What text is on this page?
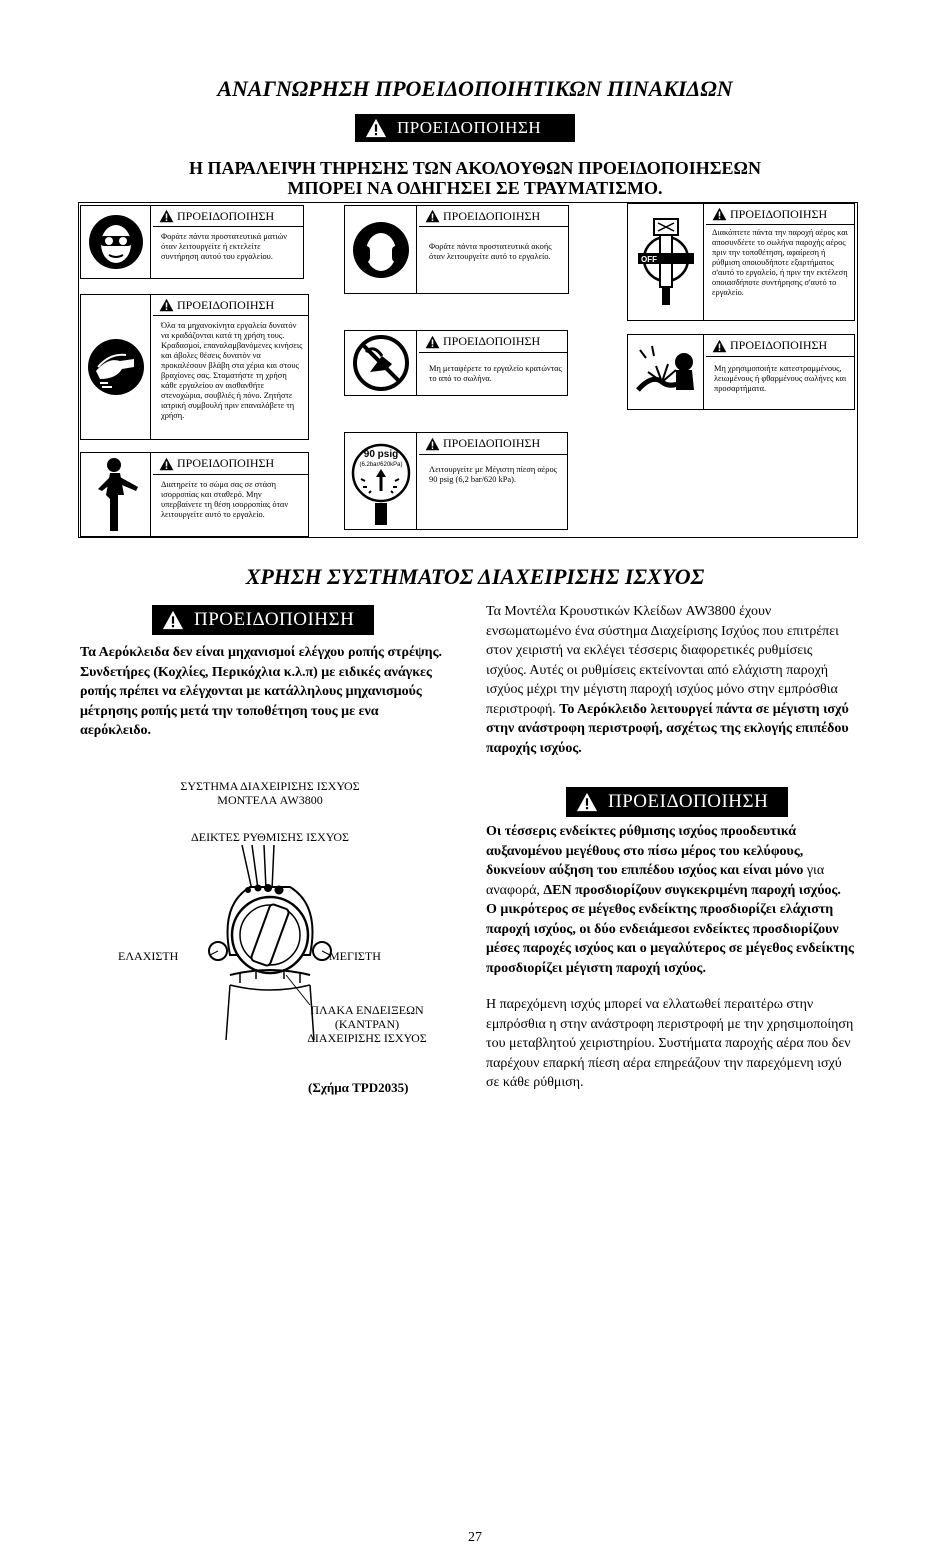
ΑΝΑΓΝΩΡΗΣΗ ΠΡΟΕΙΔΟΠΟΙΗΤΙΚΩΝ ΠΙΝΑΚΙΔΩΝ
ΠΡΟΕΙΔΟΠΟΙΗΣΗ
Η ΠΑΡΑΛΕΙΨΗ ΤΗΡΗΣΗΣ ΤΩΝ ΑΚΟΛΟΥΘΩΝ ΠΡΟΕΙΔΟΠΟΙΗΣΕΩΝ
ΜΠΟΡΕΙ ΝΑ ΟΔΗΓΗΣΕΙ ΣΕ ΤΡΑΥΜΑΤΙΣΜΟ.
ΠΡΟΕΙΔΟΠΟΙΗΣΗ
Φοράτε πάντα προστατευτικά ματιών όταν λειτουργείτε ή εκτελείτε συντήρηση αυτού του εργαλείου.
ΠΡΟΕΙΔΟΠΟΙΗΣΗ
Φοράτε πάντα προστατευτικά ακοής όταν λειτουργείτε αυτό το εργαλείο.	OFF
ΠΡΟΕΙΔΟΠΟΙΗΣΗ
Διακόπτετε πάντα την παροχή αέρος και αποσυνδέετε το σωλήνα παροχής αέρος πριν την τοποθέτηση, αφαίρεση ή ρύθμιση οποιουδήποτε εξαρτήματος σ'αυτό το εργαλείο, ή πριν την εκτέλεση οποιασδήποτε συντήρησης σ'αυτό το εργαλείο.
ΠΡΟΕΙΔΟΠΟΙΗΣΗ
Όλα τα μηχανοκίνητα εργαλεία δυνατόν να κραδάζονται κατά τη χρήση τους. Κραδασμοί, επαναλαμβανόμενες κινήσεις και άβολες θέσεις δυνατόν να προκαλέσουν βλάβη στα χέρια και στους βραχίονες σας. Σταματήστε τη χρήση κάθε εργαλείου αν αισθανθήτε στενοχώρια, σουβλιές ή πόνο. Ζητήστε ιατρική συμβουλή πριν επαναλάβετε τη χρήση.
ΠΡΟΕΙΔΟΠΟΙΗΣΗ
Μη μεταφέρετε το εργαλείο κρατώντας το από το σωλήνα.
ΠΡΟΕΙΔΟΠΟΙΗΣΗ
Μη χρησιμοποιήτε κατεστραμμένους, λειωμένους ή φθαρμένους σωλήνες και προσαρτήματα.
90 psig
(6.2bar/620kPa)
ΠΡΟΕΙΔΟΠΟΙΗΣΗ
Λειτουργείτε με Μέγιστη πίεση αέρος 90 psig (6,2 bar/620 kPa).
ΠΡΟΕΙΔΟΠΟΙΗΣΗ
Διατηρείτε το σώμα σας σε στάση ισορροπίας και σταθερό. Μην υπερβαίνετε τη θέση ισορροπίας όταν λειτουργείτε αυτό το εργαλείο.
ΧΡΗΣΗ ΣΥΣΤΗΜΑΤΟΣ ΔΙΑΧΕΙΡΙΣΗΣ ΙΣΧΥΟΣ
ΠΡΟΕΙΔΟΠΟΙΗΣΗ
Τα Αερόκλειδα δεν είναι μηχανισμοί ελέγχου ροπής στρέψης. Συνδετήρες (Κοχλίες, Περικόχλια κ.λ.π) με ειδικές ανάγκες ροπής πρέπει να ελέγχονται με κατάλληλους μηχανισμούς μέτρησης ροπής μετά την τοποθέτηση τους με ενα αερόκλειδο.
ΣΥΣΤΗΜΑ ΔΙΑΧΕΙΡΙΣΗΣ ΙΣΧΥΟΣ
ΜΟΝΤΕΛΑ AW3800
ΔΕΙΚΤΕΣ ΡΥΘΜΙΣΗΣ ΙΣΧΥΟΣ
ΕΛΑΧΙΣΤΗ	ΜΕΓΙΣΤΗ
ΠΛΑΚΑ ΕΝΔΕΙΞΕΩΝ
(ΚΑΝΤΡΑΝ)
ΔΙΑΧΕΙΡΙΣΗΣ ΙΣΧΥΟΣ
(Σχήμα TPD2035)
Τα Μοντέλα Κρουστικών Κλείδων AW3800 έχουν ενσωματωμένο ένα σύστημα Διαχείρισης Ισχύος που επιτρέπει στον χειριστή να εκλέγει τέσσερις διαφορετικές ρυθμίσεις ισχύος. Αυτές οι ρυθμίσεις εκτείνονται από ελάχιστη παροχή ισχύος μέχρι την μέγιστη παροχή ισχύος μόνο στην εμπρόσθια περιστροφή. Το Αερόκλειδο λειτουργεί πάντα σε μέγιστη ισχύ στην ανάστροφη περιστροφή, ασχέτως της εκλογής επιπέδου παροχής ισχύος.
ΠΡΟΕΙΔΟΠΟΙΗΣΗ
Οι τέσσερις ενδείκτες ρύθμισης ισχύος προοδευτικά αυξανομένου μεγέθους στο πίσω μέρος του κελύφους, δυκνείουν αύξηση του επιπέδου ισχύος και είναι μόνο για αναφορά, ΔΕΝ προσδιορίζουν συγκεκριμένη παροχή ισχύος. Ο μικρότερος σε μέγεθος ενδείκτης προσδιορίζει ελάχιστη παροχή ισχύος, οι δύο ενδειάμεσοι ενδείκτες προσδιορίζουν μέσες παροχές ισχύος και ο μεγαλύτερος σε μέγεθος ενδείκτης προσδιορίζει μέγιστη παροχή ισχύος.
Η παρεχόμενη ισχύς μπορεί να ελλατωθεί περαιτέρω στην εμπρόσθια η στην ανάστροφη περιστροφή με την χρησιμοποίηση του μεταβλητού χειριστηρίου. Συστήματα παροχής αέρα που δεν παρέχουν επαρκή πίεση αέρα επηρεάζουν την παρεχόμενη ισχύ σε κάθε ρύθμιση.
27
